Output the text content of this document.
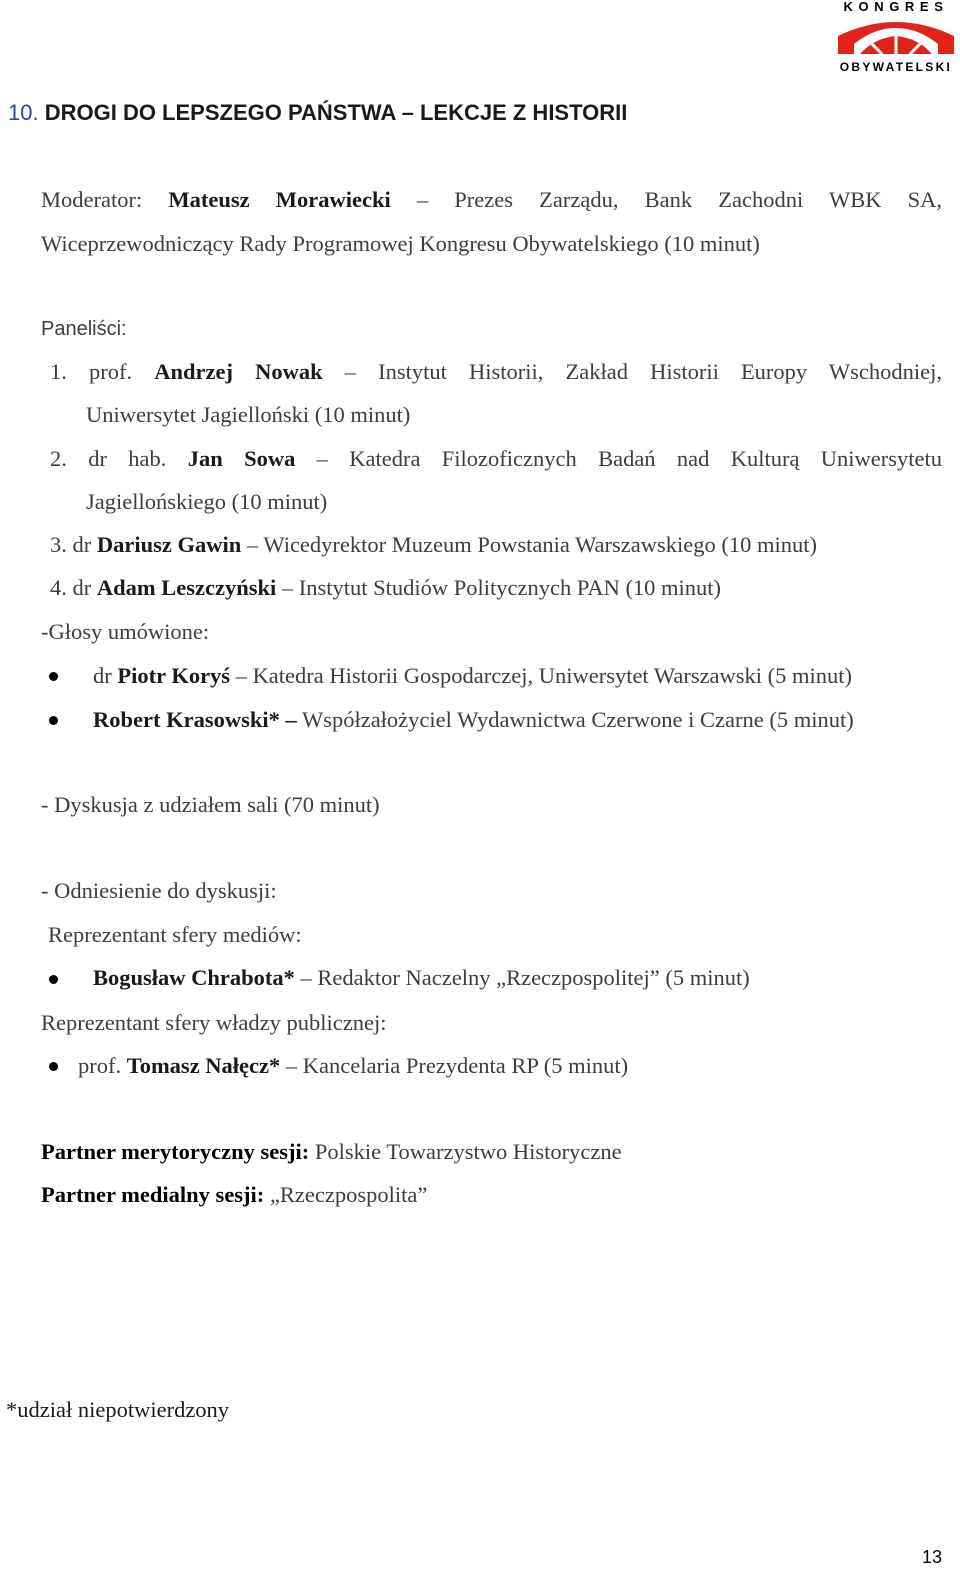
KONGRES
OBYWATELSKI
10. DROGI DO LEPSZEGO PAŃSTWA – LEKCJE Z HISTORII
Moderator: Mateusz Morawiecki – Prezes Zarządu, Bank Zachodni WBK SA,
Wiceprzewodniczący Rady Programowej Kongresu Obywatelskiego (10 minut)
Paneliści:
1. prof. Andrzej Nowak – Instytut Historii, Zakład Historii Europy Wschodniej,
Uniwersytet Jagielloński (10 minut)
2. dr hab. Jan Sowa – Katedra Filozoficznych Badań nad Kulturą Uniwersytetu
Jagiellońskiego (10 minut)
3. dr Dariusz Gawin – Wicedyrektor Muzeum Powstania Warszawskiego (10 minut)
4. dr Adam Leszczyński – Instytut Studiów Politycznych PAN (10 minut)
-Głosy umówione:
dr Piotr Koryś – Katedra Historii Gospodarczej, Uniwersytet Warszawski (5 minut)
Robert Krasowski* – Współzałożyciel Wydawnictwa Czerwone i Czarne (5 minut)
- Dyskusja z udziałem sali (70 minut)
- Odniesienie do dyskusji:
Reprezentant sfery mediów:
Bogusław Chrabota* – Redaktor Naczelny „Rzeczpospolitej” (5 minut)
Reprezentant sfery władzy publicznej:
prof. Tomasz Nałęcz* – Kancelaria Prezydenta RP (5 minut)
Partner merytoryczny sesji: Polskie Towarzystwo Historyczne
Partner medialny sesji: „Rzeczpospolita”
*udział niepotwierdzony
13
